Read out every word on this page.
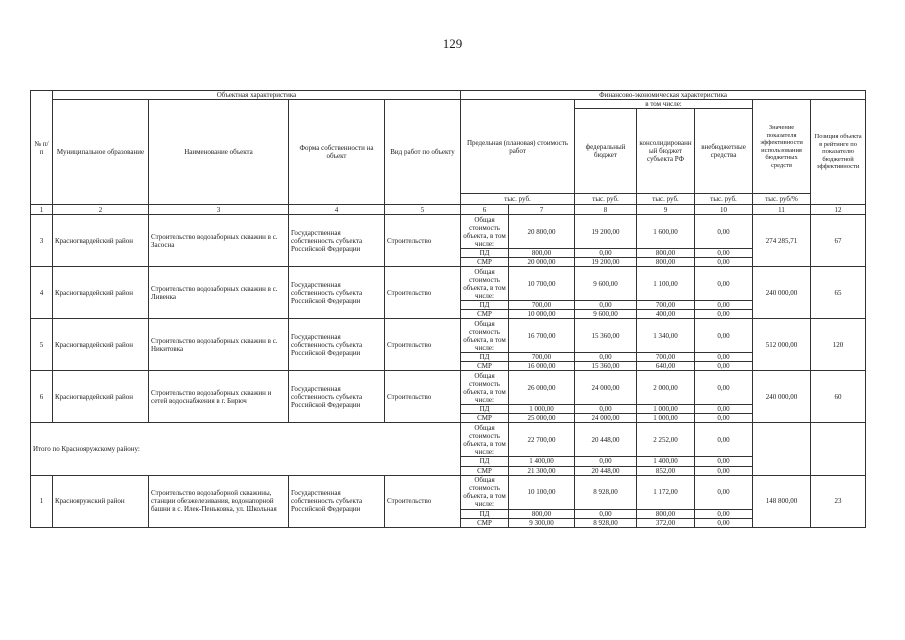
129
№ п/п	Объектная характеристика				Финансово-экономическая характеристика						
	Муниципальное образование	Наименование объекта	Форма собственности на объект	Вид работ по объекту	Предельная (плановая) стоимость работ		в том числе:			Значение показателя эффективности использования бюджетных средств	Позиция объекта в рейтинге по показателю бюджетной эффективности
							федеральный бюджет	консолидированный бюджет субъекта РФ	внебюджетные средства		
					тыс. руб.		тыс. руб.	тыс. руб.	тыс. руб.	тыс. руб/%	
1	2	3	4	5	6	7	8	9	10	11	12
3	Красногвардейский район	Строительство водозаборных скважин в с. Засосна	Государственная собственность субъекта Российской Федерации	Строительство	Общая стоимость объекта, в том числе:	20 800,00	19 200,00	1 600,00	0,00	274 285,71	67
					ПД	800,00	0,00	800,00	0,00		
					СМР	20 000,00	19 200,00	800,00	0,00		
4	Красногвардейский район	Строительство водозаборных скважин в с. Ливенка	Государственная собственность субъекта Российской Федерации	Строительство	Общая стоимость объекта, в том числе:	10 700,00	9 600,00	1 100,00	0,00	240 000,00	65
					ПД	700,00	0,00	700,00	0,00		
					СМР	10 000,00	9 600,00	400,00	0,00		
5	Красногвардейский район	Строительство водозаборных скважин в с. Никитовка	Государственная собственность субъекта Российской Федерации	Строительство	Общая стоимость объекта, в том числе:	16 700,00	15 360,00	1 340,00	0,00	512 000,00	120
					ПД	700,00	0,00	700,00	0,00		
					СМР	16 000,00	15 360,00	640,00	0,00		
6	Красногвардейский район	Строительство водозаборных скважин и сетей водоснабжения в г. Бирюч	Государственная собственность субъекта Российской Федерации	Строительство	Общая стоимость объекта, в том числе:	26 000,00	24 000,00	2 000,00	0,00	240 000,00	60
					ПД	1 000,00	0,00	1 000,00	0,00		
					СМР	25 000,00	24 000,00	1 000,00	0,00		
Итого по Краснояружскому району:					Общая стоимость объекта, в том числе:	22 700,00	20 448,00	2 252,00	0,00		
					ПД	1 400,00	0,00	1 400,00	0,00		
					СМР	21 300,00	20 448,00	852,00	0,00		
1	Краснояружский район	Строительство водозаборной скважины, станции обезжелезивания, водонапорной башни в с. Илек-Пеньковка, ул. Школьная	Государственная собственность субъекта Российской Федерации	Строительство	Общая стоимость объекта, в том числе:	10 100,00	8 928,00	1 172,00	0,00	148 800,00	23
					ПД	800,00	0,00	800,00	0,00		
					СМР	9 300,00	8 928,00	372,00	0,00		
